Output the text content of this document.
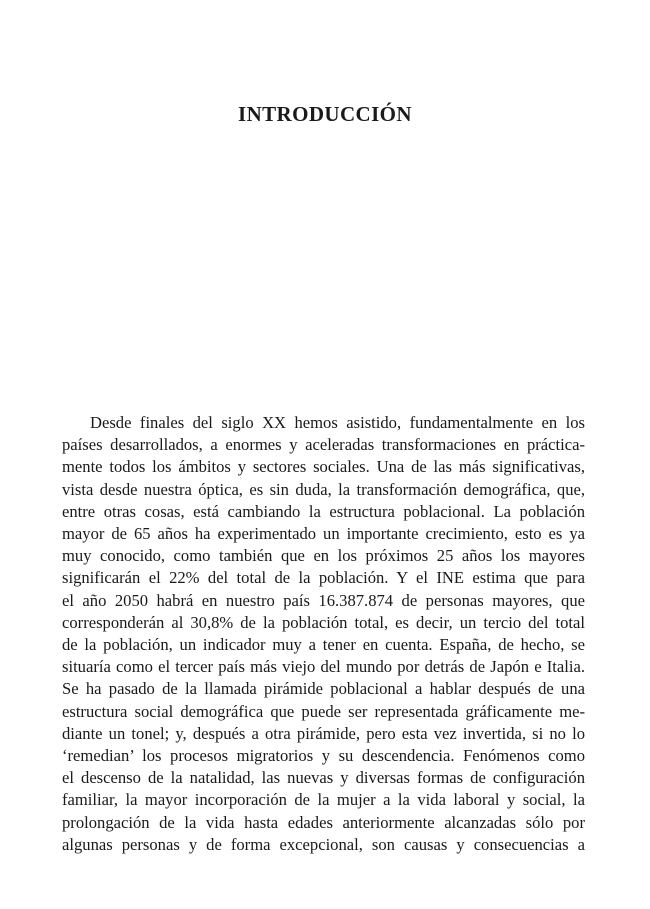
INTRODUCCIÓN
Desde finales del siglo XX hemos asistido, fundamentalmente en los
países desarrollados, a enormes y aceleradas transformaciones en práctica-
mente todos los ámbitos y sectores sociales. Una de las más significativas,
vista desde nuestra óptica, es sin duda, la transformación demográfica, que,
entre otras cosas, está cambiando la estructura poblacional. La población
mayor de 65 años ha experimentado un importante crecimiento, esto es ya
muy conocido, como también que en los próximos 25 años los mayores
significarán el 22% del total de la población. Y el INE estima que para
el año 2050 habrá en nuestro país 16.387.874 de personas mayores, que
corresponderán al 30,8% de la población total, es decir, un tercio del total
de la población, un indicador muy a tener en cuenta. España, de hecho, se
situaría como el tercer país más viejo del mundo por detrás de Japón e Italia.
Se ha pasado de la llamada pirámide poblacional a hablar después de una
estructura social demográfica que puede ser representada gráficamente me-
diante un tonel; y, después a otra pirámide, pero esta vez invertida, si no lo
‘remedian’ los procesos migratorios y su descendencia. Fenómenos como
el descenso de la natalidad, las nuevas y diversas formas de configuración
familiar, la mayor incorporación de la mujer a la vida laboral y social, la
prolongación de la vida hasta edades anteriormente alcanzadas sólo por
algunas personas y de forma excepcional, son causas y consecuencias a
